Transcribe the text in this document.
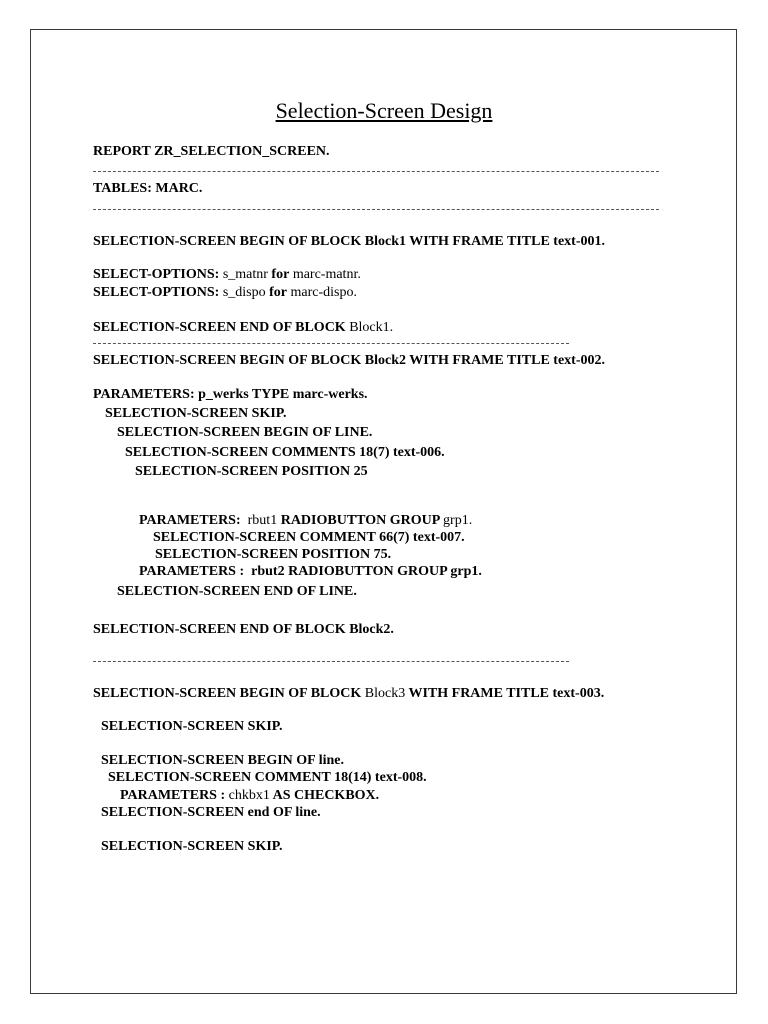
Selection-Screen Design
REPORT ZR_SELECTION_SCREEN.
TABLES: MARC.
SELECTION-SCREEN BEGIN OF BLOCK Block1 WITH FRAME TITLE text-001.
SELECT-OPTIONS: s_matnr for marc-matnr.
SELECT-OPTIONS: s_dispo for marc-dispo.
SELECTION-SCREEN END OF BLOCK Block1.
SELECTION-SCREEN BEGIN OF BLOCK Block2 WITH FRAME TITLE text-002.
PARAMETERS: p_werks TYPE marc-werks.
SELECTION-SCREEN SKIP.
SELECTION-SCREEN BEGIN OF LINE.
SELECTION-SCREEN COMMENTS 18(7) text-006.
SELECTION-SCREEN POSITION 25
PARAMETERS:  rbut1 RADIOBUTTON GROUP grp1.
SELECTION-SCREEN COMMENT 66(7) text-007.
SELECTION-SCREEN POSITION 75.
PARAMETERS :  rbut2 RADIOBUTTON GROUP grp1.
SELECTION-SCREEN END OF LINE.
SELECTION-SCREEN END OF BLOCK Block2.
SELECTION-SCREEN BEGIN OF BLOCK Block3 WITH FRAME TITLE text-003.
SELECTION-SCREEN SKIP.
SELECTION-SCREEN BEGIN OF line.
SELECTION-SCREEN COMMENT 18(14) text-008.
PARAMETERS : chkbx1 AS CHECKBOX.
SELECTION-SCREEN end OF line.
SELECTION-SCREEN SKIP.
